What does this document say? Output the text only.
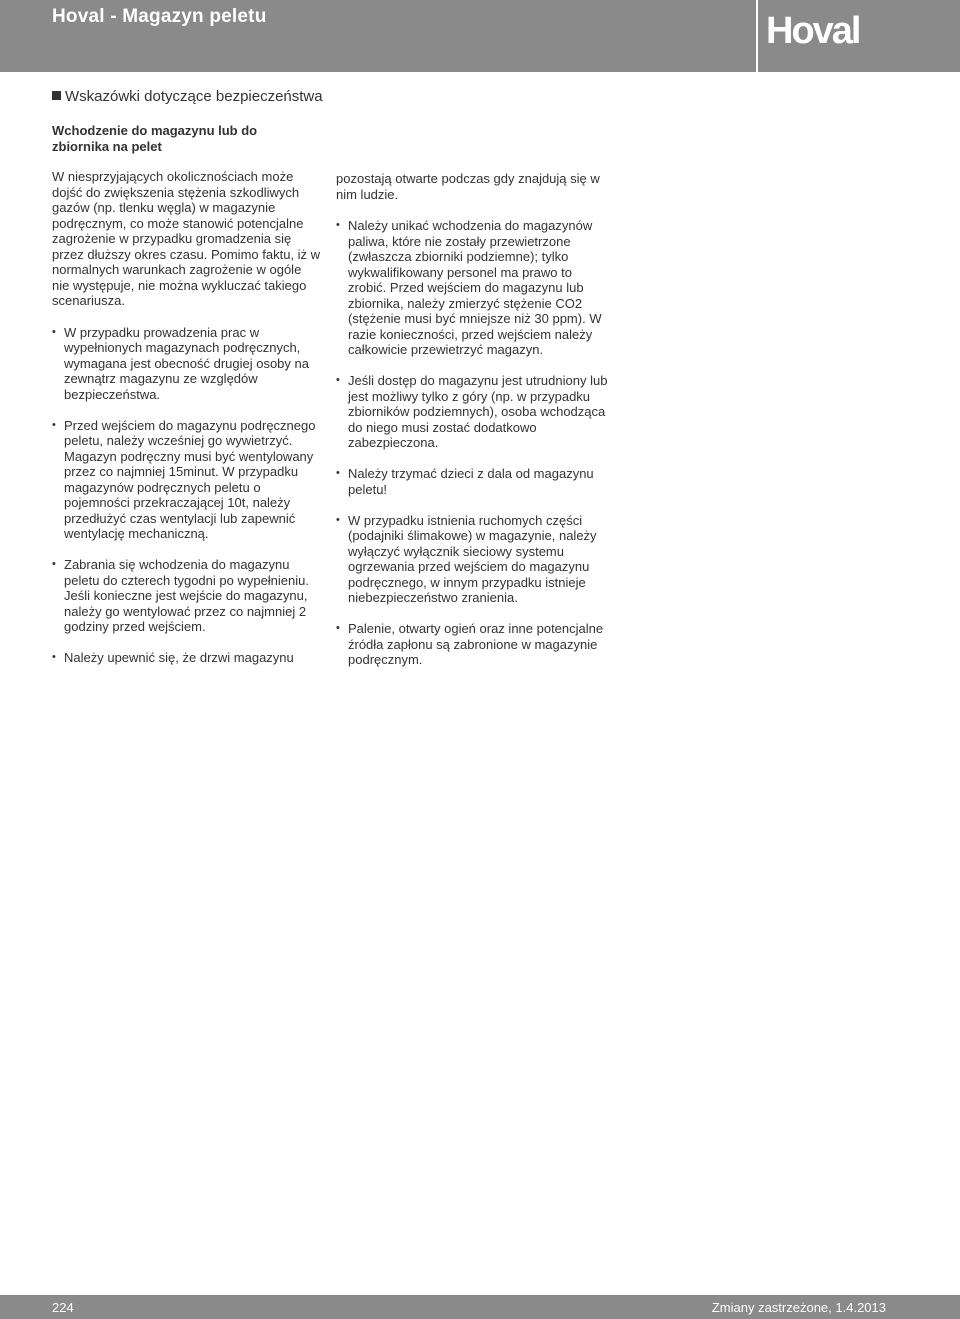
Hoval - Magazyn peletu	Hoval
Wskazówki dotyczące bezpieczeństwa
Wchodzenie do magazynu lub do zbiornika na pelet

W niesprzyjających okolicznościach może dojść do zwiększenia stężenia szkodliwych gazów (np. tlenku węgla) w magazynie podręcznym, co może stanowić potencjalne zagrożenie w przypadku gromadzenia się przez dłuższy okres czasu. Pomimo faktu, iż w normalnych warunkach zagrożenie w ogóle nie występuje, nie można wykluczać takiego scenariusza.

• W przypadku prowadzenia prac w wypełnionych magazynach podręcznych, wymagana jest obecność drugiej osoby na zewnątrz magazynu ze względów bezpieczeństwa.
• Przed wejściem do magazynu podręcznego peletu, należy wcześniej go wywietrzyć. Magazyn podręczny musi być wentylowany przez co najmniej 15minut. W przypadku magazynów podręcznych peletu o pojemności przekraczającej 10t, należy przedłużyć czas wentylacji lub zapewnić wentylację mechaniczną.
• Zabrania się wchodzenia do magazynu peletu do czterech tygodni po wypełnieniu. Jeśli konieczne jest wejście do magazynu, należy go wentylować przez co najmniej 2 godziny przed wejściem.
• Należy upewnić się, że drzwi magazynu

pozostają otwarte podczas gdy znajdują się w nim ludzie.

• Należy unikać wchodzenia do magazynów paliwa, które nie zostały przewietrzone (zwłaszcza zbiorniki podziemne); tylko wykwalifikowany personel ma prawo to zrobić. Przed wejściem do magazynu lub zbiornika, należy zmierzyć stężenie CO2 (stężenie musi być mniejsze niż 30 ppm). W razie konieczności, przed wejściem należy całkowicie przewietrzyć magazyn.
• Jeśli dostęp do magazynu jest utrudniony lub jest możliwy tylko z góry (np. w przypadku zbiorników podziemnych), osoba wchodząca do niego musi zostać dodatkowo zabezpieczona.
• Należy trzymać dzieci z dala od magazynu peletu!
• W przypadku istnienia ruchomych części (podajniki ślimakowe) w magazynie, należy wyłączyć wyłącznik sieciowy systemu ogrzewania przed wejściem do magazynu podręcznego, w innym przypadku istnieje niebezpieczeństwo zranienia.
• Palenie, otwarty ogień oraz inne potencjalne źródła zapłonu są zabronione w magazynie podręcznym.
224	Zmiany zastrzeżone, 1.4.2013
